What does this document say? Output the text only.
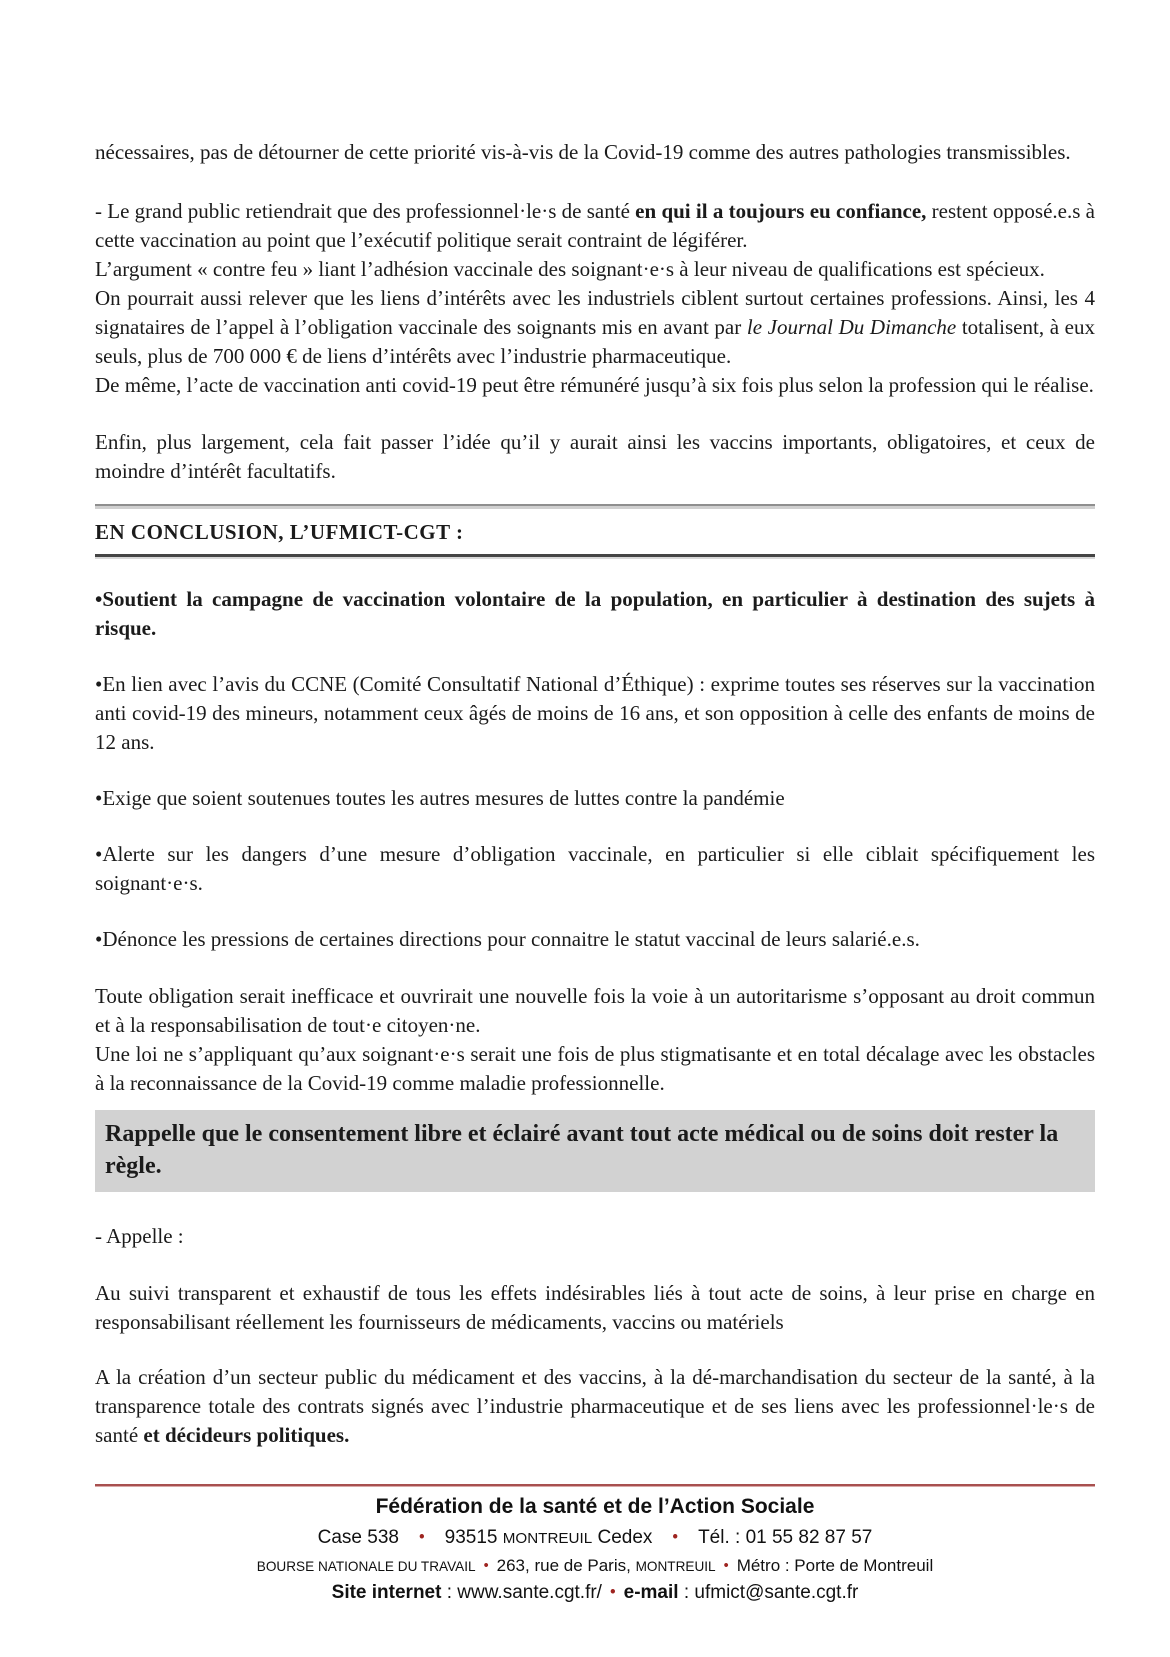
nécessaires, pas de détourner de cette priorité vis-à-vis de la Covid-19 comme des autres pathologies transmissibles.

- Le grand public retiendrait que des professionnel·le·s de santé en qui il a toujours eu confiance, restent opposé.e.s à cette vaccination au point que l’exécutif politique serait contraint de légiférer.

L’argument « contre feu » liant l’adhésion vaccinale des soignant·e·s à leur niveau de qualifications est spécieux.

On pourrait aussi relever que les liens d’intérêts avec les industriels ciblent surtout certaines professions. Ainsi, les 4 signataires de l’appel à l’obligation vaccinale des soignants mis en avant par le Journal Du Dimanche totalisent, à eux seuls, plus de 700 000 € de liens d’intérêts avec l’industrie pharmaceutique.

De même, l’acte de vaccination anti covid-19 peut être rémunéré jusqu’à six fois plus selon la profession qui le réalise.

Enfin, plus largement, cela fait passer l’idée qu’il y aurait ainsi les vaccins importants, obligatoires, et ceux de moindre d’intérêt facultatifs.

EN CONCLUSION, L’UFMICT-CGT :

•Soutient la campagne de vaccination volontaire de la population, en particulier à destination des sujets à risque.

•En lien avec l’avis du CCNE (Comité Consultatif National d’Éthique) : exprime toutes ses réserves sur la vaccination anti covid-19 des mineurs, notamment ceux âgés de moins de 16 ans, et son opposition à celle des enfants de moins de 12 ans.

•Exige que soient soutenues toutes les autres mesures de luttes contre la pandémie

•Alerte sur les dangers d’une mesure d’obligation vaccinale, en particulier si elle ciblait spécifiquement les soignant·e·s.

•Dénonce les pressions de certaines directions pour connaitre le statut vaccinal de leurs salarié.e.s.

Toute obligation serait inefficace et ouvrirait une nouvelle fois la voie à un autoritarisme s’opposant au droit commun et à la responsabilisation de tout·e citoyen·ne.

Une loi ne s’appliquant qu’aux soignant·e·s serait une fois de plus stigmatisante et en total décalage avec les obstacles à la reconnaissance de la Covid-19 comme maladie professionnelle.

Rappelle que le consentement libre et éclairé avant tout acte médical ou de soins doit rester la règle.

- Appelle :

Au suivi transparent et exhaustif de tous les effets indésirables liés à tout acte de soins, à leur prise en charge en responsabilisant réellement les fournisseurs de médicaments, vaccins ou matériels

A la création d’un secteur public du médicament et des vaccins, à la dé-marchandisation du secteur de la santé, à la transparence totale des contrats signés avec l’industrie pharmaceutique et de ses liens avec les professionnel·le·s de santé et décideurs politiques.

Fédération de la santé et de l’Action Sociale
Case 538 • 93515 MONTREUIL Cedex • Tél. : 01 55 82 87 57
BOURSE NATIONALE DU TRAVAIL • 263, rue de Paris, MONTREUIL • Métro : Porte de Montreuil
Site internet : www.sante.cgt.fr/ • e-mail : ufmict@sante.cgt.fr
